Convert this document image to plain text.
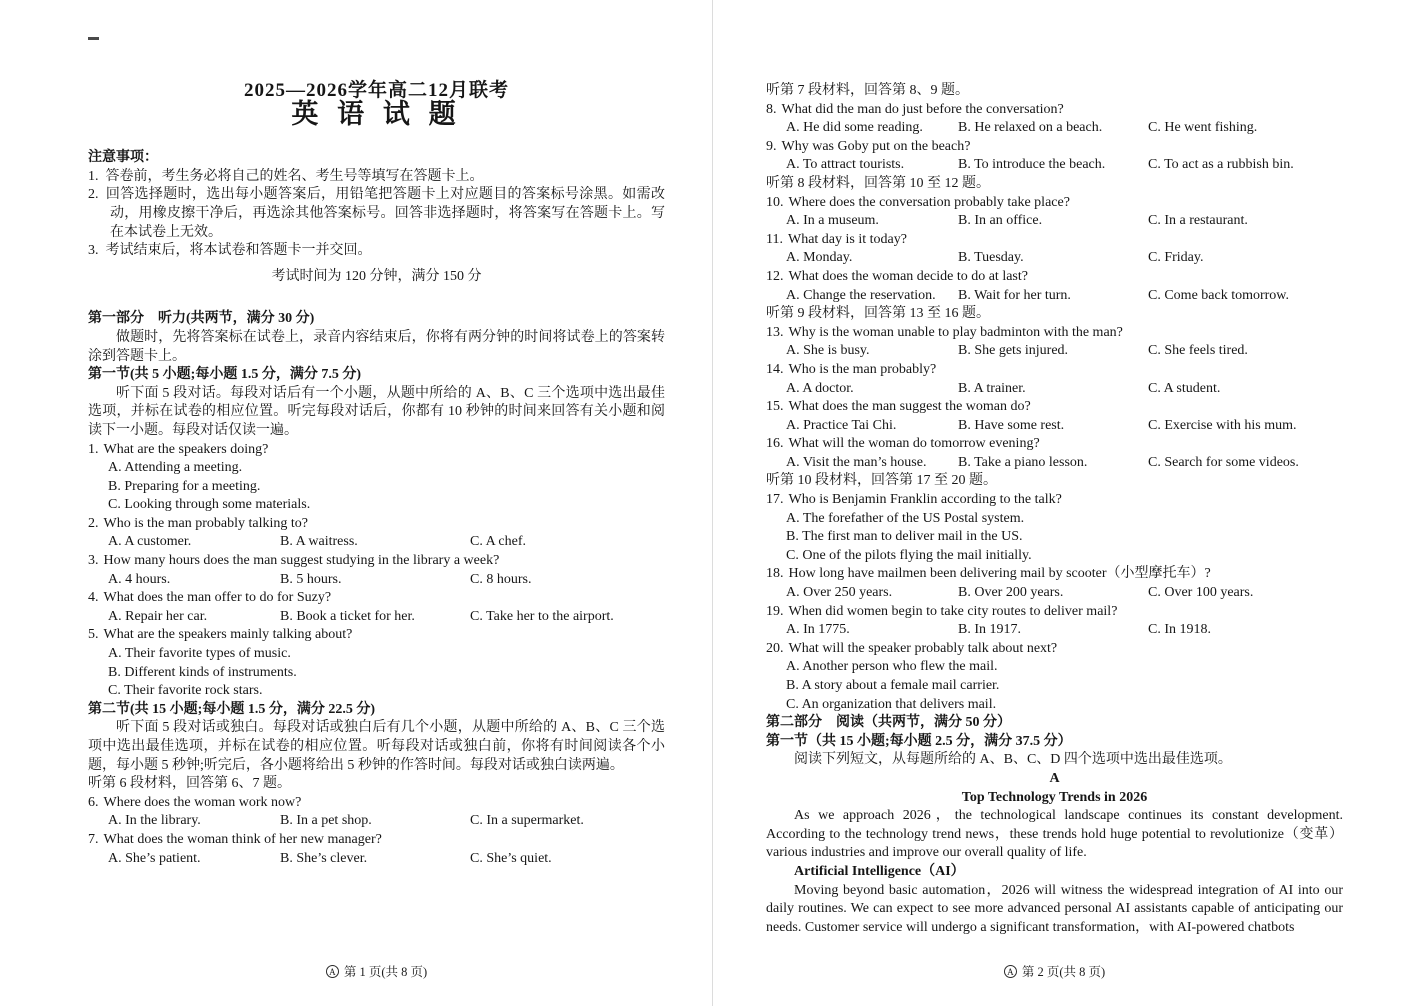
2025—2026学年高二12月联考
英 语 试 题
注意事项：
1. 答卷前，考生务必将自己的姓名、考生号等填写在答题卡上。
2. 回答选择题时，选出每小题答案后，用铅笔把答题卡上对应题目的答案标号涂黑。如需改动，用橡皮擦干净后，再选涂其他答案标号。回答非选择题时，将答案写在答题卡上。写在本试卷上无效。
3. 考试结束后，将本试卷和答题卡一并交回。
考试时间为 120 分钟，满分 150 分
第一部分　听力(共两节，满分 30 分)
做题时，先将答案标在试卷上，录音内容结束后，你将有两分钟的时间将试卷上的答案转涂到答题卡上。
第一节(共 5 小题;每小题 1.5 分，满分 7.5 分)
听下面 5 段对话。每段对话后有一个小题，从题中所给的 A、B、C 三个选项中选出最佳选项，并标在试卷的相应位置。听完每段对话后，你都有 10 秒钟的时间来回答有关小题和阅读下一小题。每段对话仅读一遍。
1. What are the speakers doing?
A. Attending a meeting.
B. Preparing for a meeting.
C. Looking through some materials.
2. Who is the man probably talking to?
A. A customer.	B. A waitress.	C. A chef.
3. How many hours does the man suggest studying in the library a week?
A. 4 hours.	B. 5 hours.	C. 8 hours.
4. What does the man offer to do for Suzy?
A. Repair her car.	B. Book a ticket for her.	C. Take her to the airport.
5. What are the speakers mainly talking about?
A. Their favorite types of music.
B. Different kinds of instruments.
C. Their favorite rock stars.
第二节(共 15 小题;每小题 1.5 分，满分 22.5 分)
听下面 5 段对话或独白。每段对话或独白后有几个小题，从题中所给的 A、B、C 三个选项中选出最佳选项，并标在试卷的相应位置。听每段对话或独白前，你将有时间阅读各个小题，每小题 5 秒钟;听完后，各小题将给出 5 秒钟的作答时间。每段对话或独白读两遍。
听第 6 段材料，回答第 6、7 题。
6. Where does the woman work now?
A. In the library.	B. In a pet shop.	C. In a supermarket.
7. What does the woman think of her new manager?
A. She’s patient.	B. She’s clever.	C. She’s quiet.
A 第 1 页(共 8 页)
听第 7 段材料，回答第 8、9 题。
8. What did the man do just before the conversation?
A. He did some reading.	B. He relaxed on a beach.	C. He went fishing.
9. Why was Goby put on the beach?
A. To attract tourists.	B. To introduce the beach.	C. To act as a rubbish bin.
听第 8 段材料，回答第 10 至 12 题。
10. Where does the conversation probably take place?
A. In a museum.	B. In an office.	C. In a restaurant.
11. What day is it today?
A. Monday.	B. Tuesday.	C. Friday.
12. What does the woman decide to do at last?
A. Change the reservation.	B. Wait for her turn.	C. Come back tomorrow.
听第 9 段材料，回答第 13 至 16 题。
13. Why is the woman unable to play badminton with the man?
A. She is busy.	B. She gets injured.	C. She feels tired.
14. Who is the man probably?
A. A doctor.	B. A trainer.	C. A student.
15. What does the man suggest the woman do?
A. Practice Tai Chi.	B. Have some rest.	C. Exercise with his mum.
16. What will the woman do tomorrow evening?
A. Visit the man’s house.	B. Take a piano lesson.	C. Search for some videos.
听第 10 段材料，回答第 17 至 20 题。
17. Who is Benjamin Franklin according to the talk?
A. The forefather of the US Postal system.
B. The first man to deliver mail in the US.
C. One of the pilots flying the mail initially.
18. How long have mailmen been delivering mail by scooter（小型摩托车）?
A. Over 250 years.	B. Over 200 years.	C. Over 100 years.
19. When did women begin to take city routes to deliver mail?
A. In 1775.	B. In 1917.	C. In 1918.
20. What will the speaker probably talk about next?
A. Another person who flew the mail.
B. A story about a female mail carrier.
C. An organization that delivers mail.
第二部分　阅读（共两节，满分 50 分）
第一节（共 15 小题;每小题 2.5 分，满分 37.5 分）
阅读下列短文，从每题所给的 A、B、C、D 四个选项中选出最佳选项。
A
Top Technology Trends in 2026
As we approach 2026，the technological landscape continues its constant development. According to the technology trend news，these trends hold huge potential to revolutionize（变革）various industries and improve our overall quality of life.
Artificial Intelligence（AI）
Moving beyond basic automation，2026 will witness the widespread integration of AI into our daily routines. We can expect to see more advanced personal AI assistants capable of anticipating our needs. Customer service will undergo a significant transformation，with AI-powered chatbots
A 第 2 页(共 8 页)
